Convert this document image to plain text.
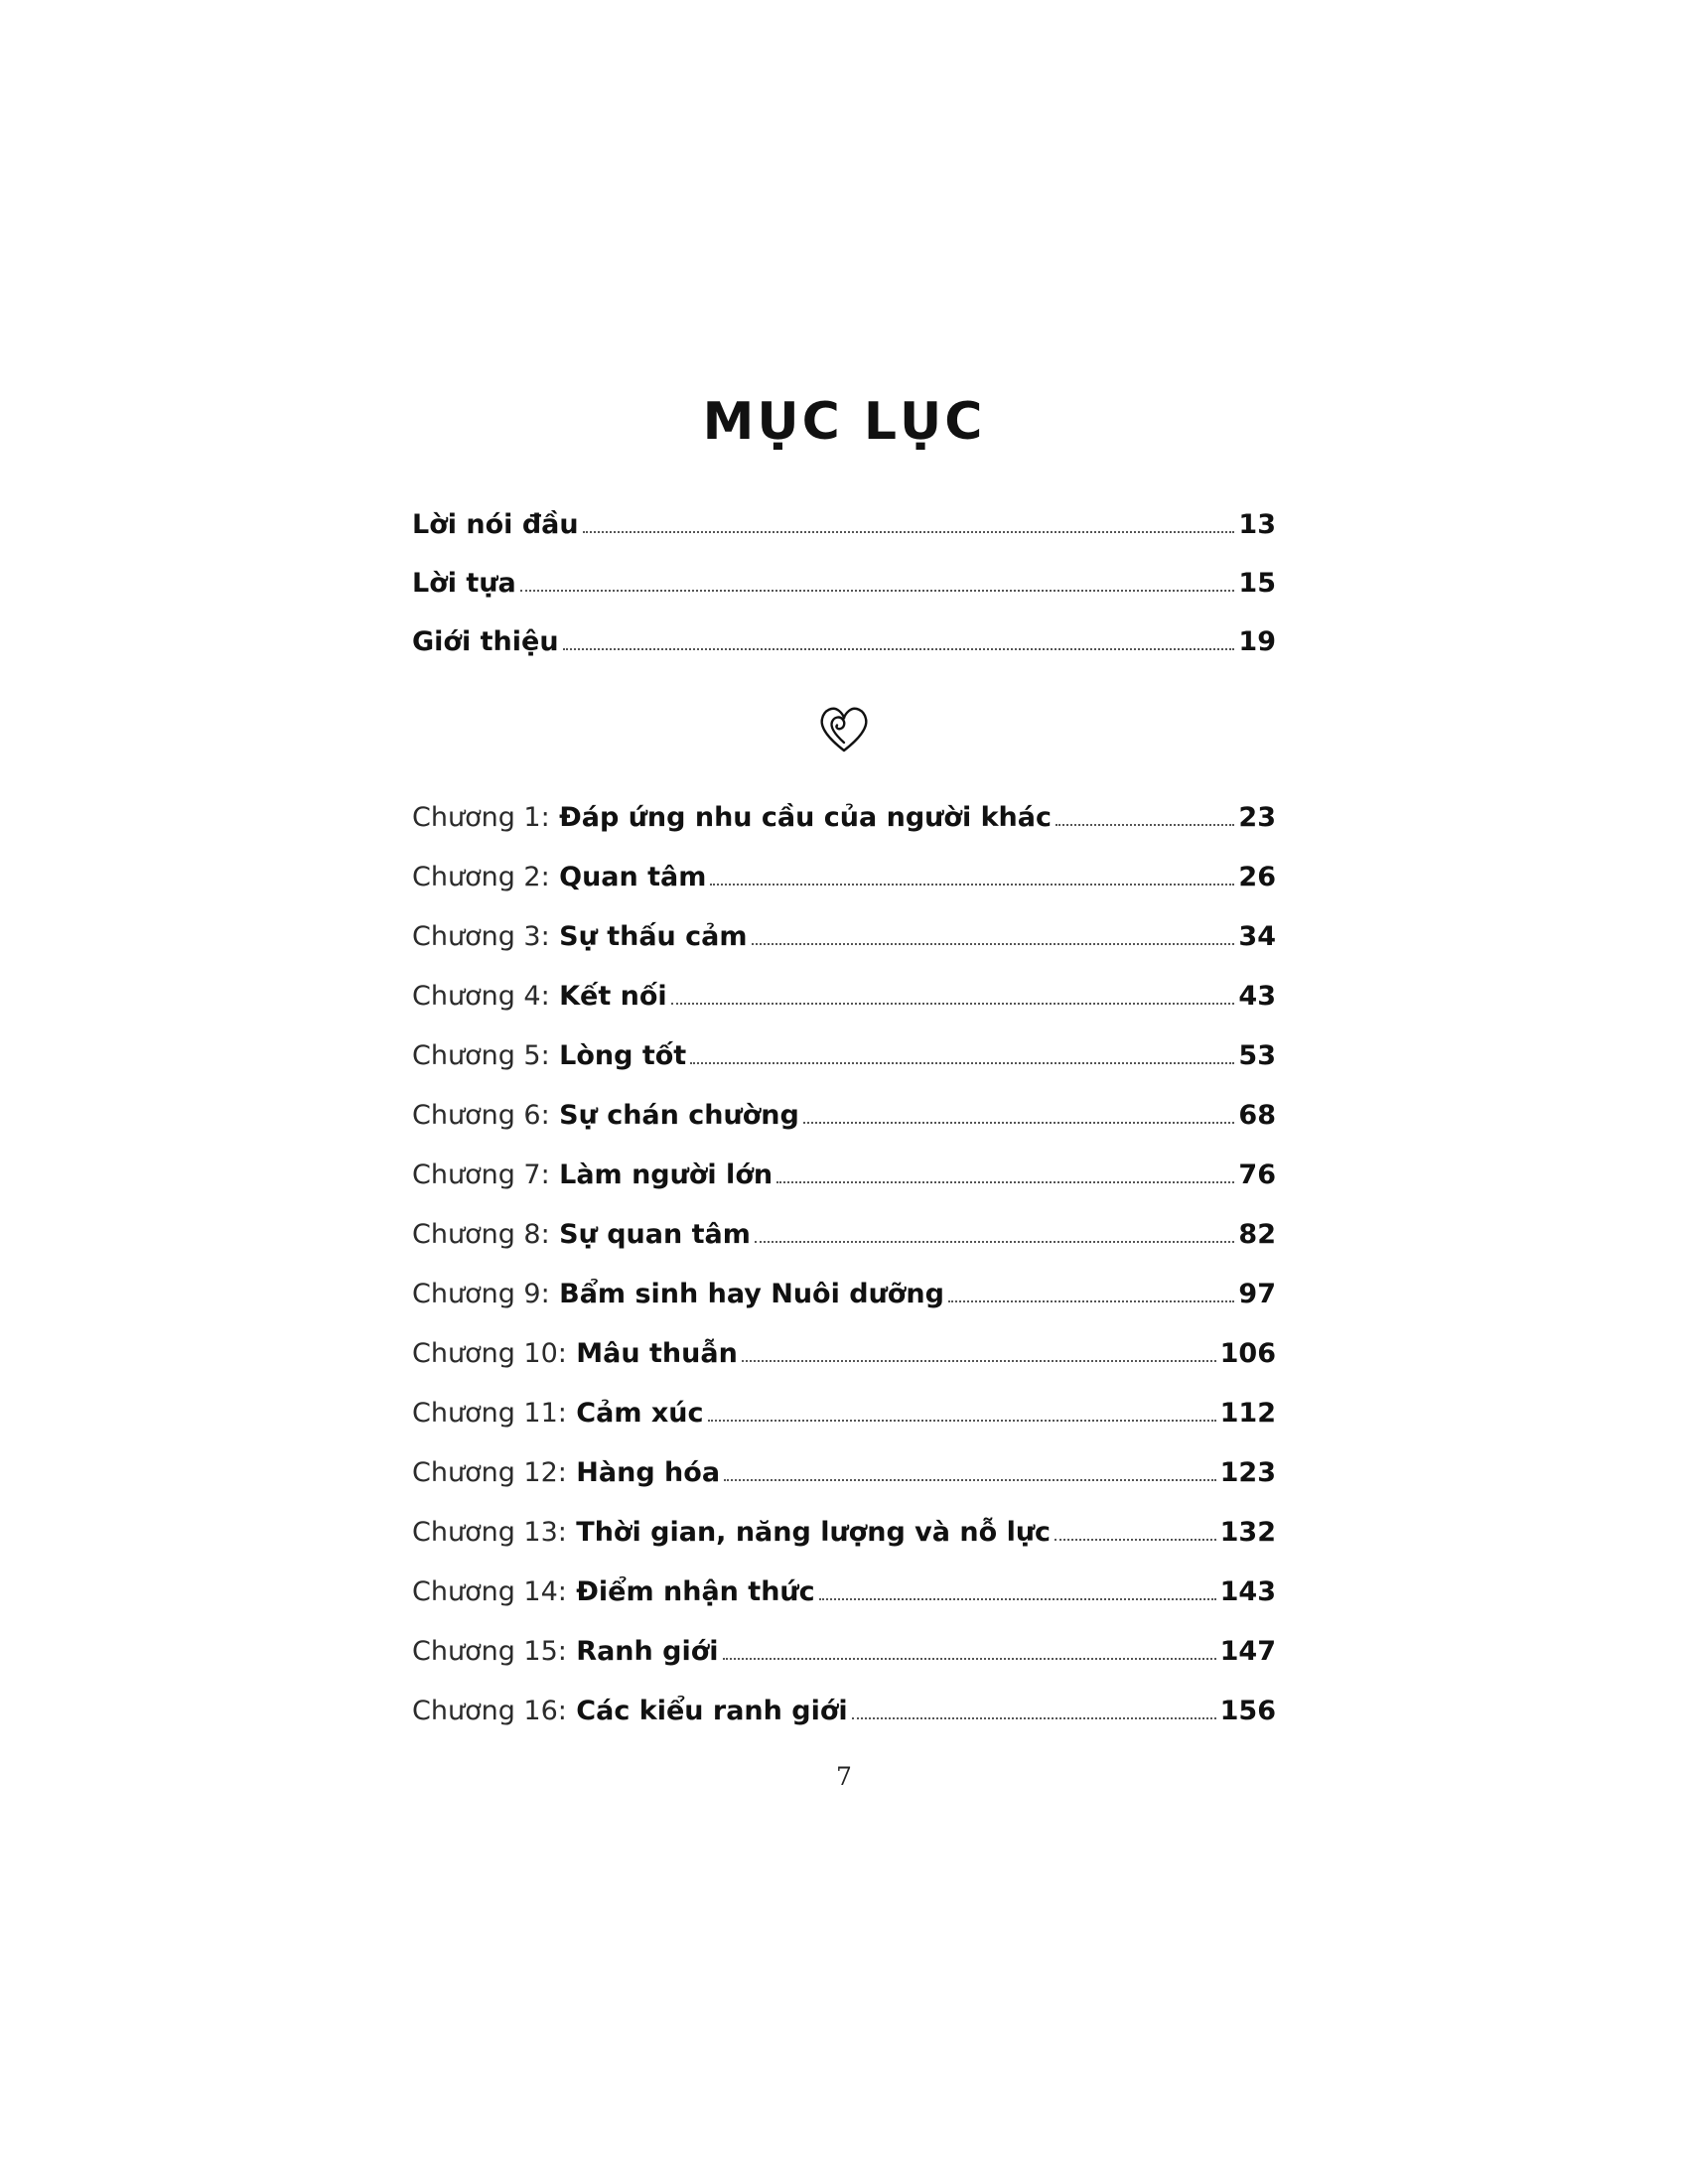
MỤC LỤC
Lời nói đầu	13
Lời tựa	15
Giới thiệu	19
Chương 1: Đáp ứng nhu cầu của người khác	23
Chương 2: Quan tâm	26
Chương 3: Sự thấu cảm	34
Chương 4: Kết nối	43
Chương 5: Lòng tốt	53
Chương 6: Sự chán chường	68
Chương 7: Làm người lớn	76
Chương 8: Sự quan tâm	82
Chương 9: Bẩm sinh hay Nuôi dưỡng	97
Chương 10: Mâu thuẫn	106
Chương 11: Cảm xúc	112
Chương 12: Hàng hóa	123
Chương 13: Thời gian, năng lượng và nỗ lực	132
Chương 14: Điểm nhận thức	143
Chương 15: Ranh giới	147
Chương 16: Các kiểu ranh giới	156
7
